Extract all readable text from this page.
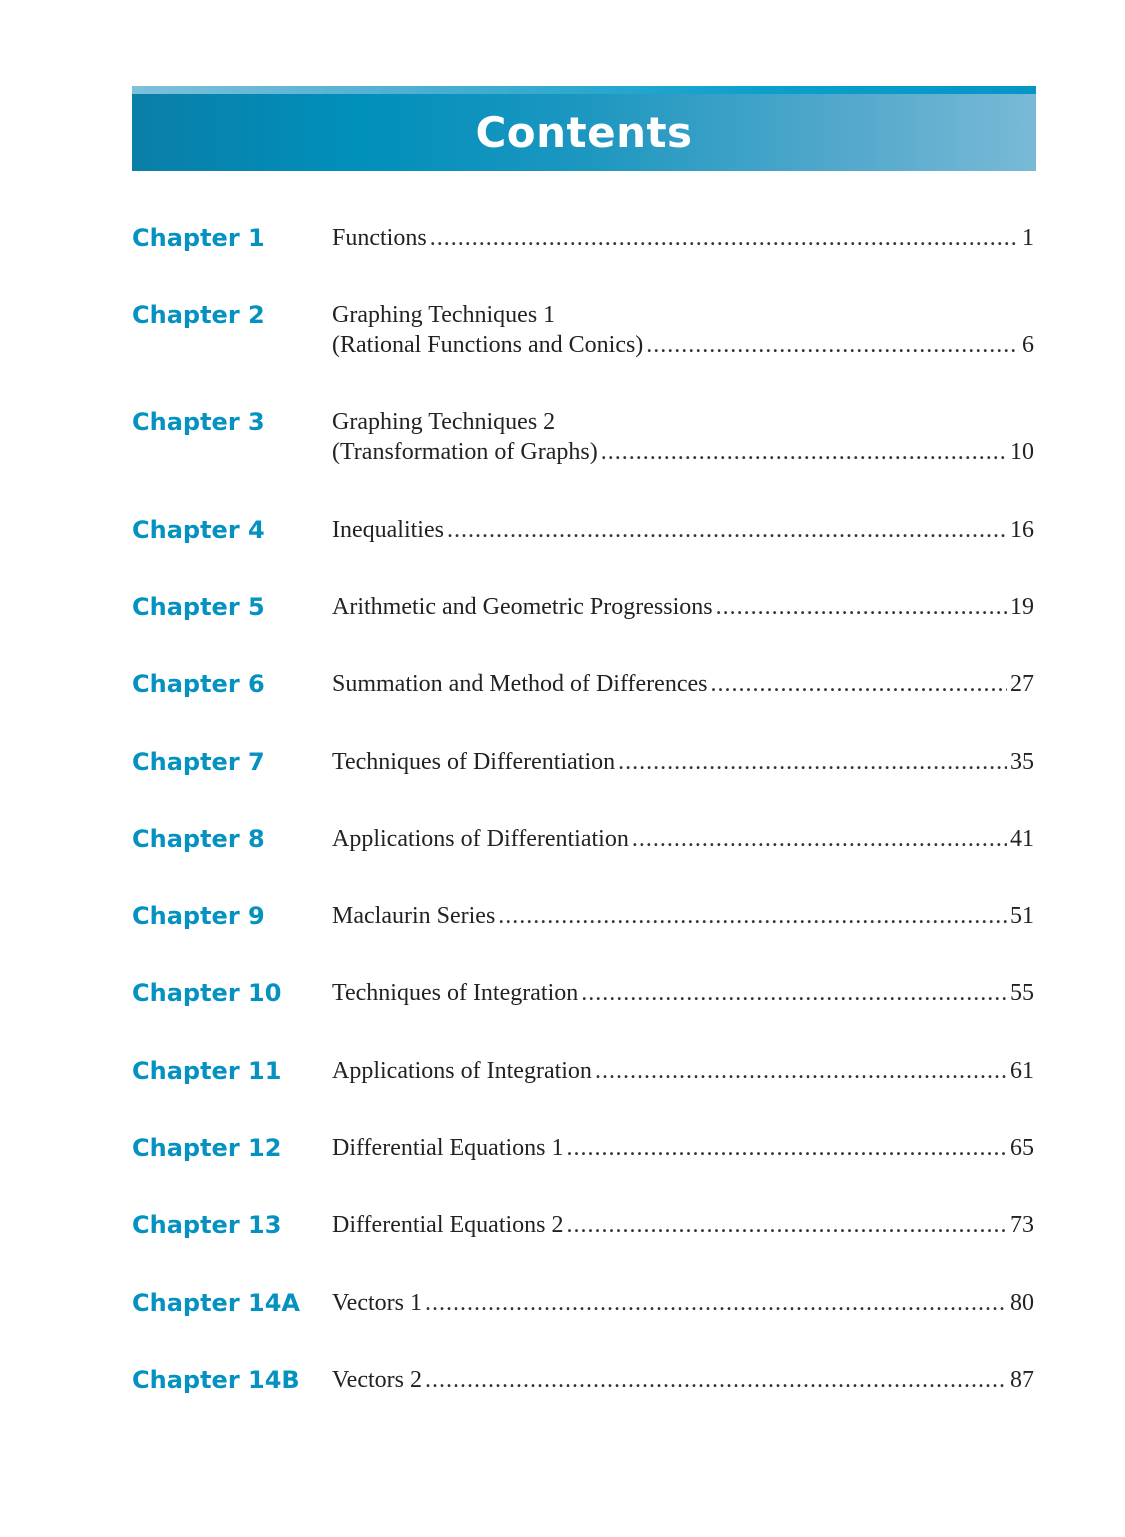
Contents
Chapter 1	Functions .....	1
Chapter 2	Graphing Techniques 1
(Rational Functions and Conics) .....	6
Chapter 3	Graphing Techniques 2
(Transformation of Graphs) .....	10
Chapter 4	Inequalities .....	16
Chapter 5	Arithmetic and Geometric Progressions .....	19
Chapter 6	Summation and Method of Differences .....	27
Chapter 7	Techniques of Differentiation .....	35
Chapter 8	Applications of Differentiation .....	41
Chapter 9	Maclaurin Series .....	51
Chapter 10 Techniques of Integration .....	55
Chapter 11 Applications of Integration .....	61
Chapter 12 Differential Equations 1 .....	65
Chapter 13 Differential Equations 2 .....	73
Chapter 14A Vectors 1 .....	80
Chapter 14B Vectors 2 .....	87
